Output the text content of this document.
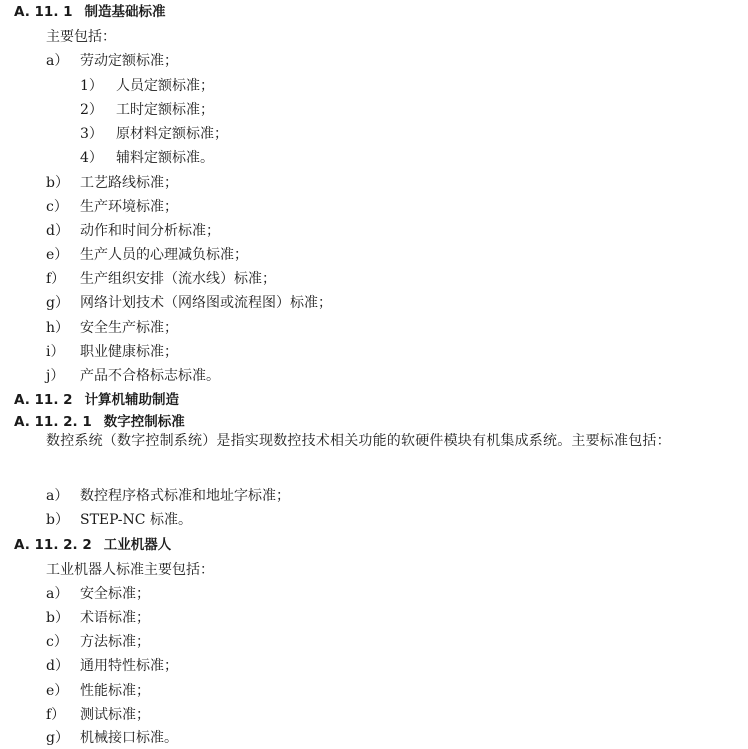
A. 11. 1 制造基础标准
主要包括：
a） 劳动定额标准；
1） 人员定额标准；
2） 工时定额标准；
3） 原材料定额标准；
4） 辅料定额标准。
b） 工艺路线标准；
c） 生产环境标准；
d） 动作和时间分析标准；
e） 生产人员的心理减负标准；
f） 生产组织安排（流水线）标准；
g） 网络计划技术（网络图或流程图）标准；
h） 安全生产标准；
i） 职业健康标准；
j） 产品不合格标志标准。
A. 11. 2 计算机辅助制造
A. 11. 2. 1 数字控制标准
数控系统（数字控制系统）是指实现数控技术相关功能的软硬件模块有机集成系统。主要标准包括：
a） 数控程序格式标准和地址字标准；
b） STEP-NC 标准。
A. 11. 2. 2 工业机器人
工业机器人标准主要包括：
a） 安全标准；
b） 术语标准；
c） 方法标准；
d） 通用特性标准；
e） 性能标准；
f） 测试标准；
g） 机械接口标准。
